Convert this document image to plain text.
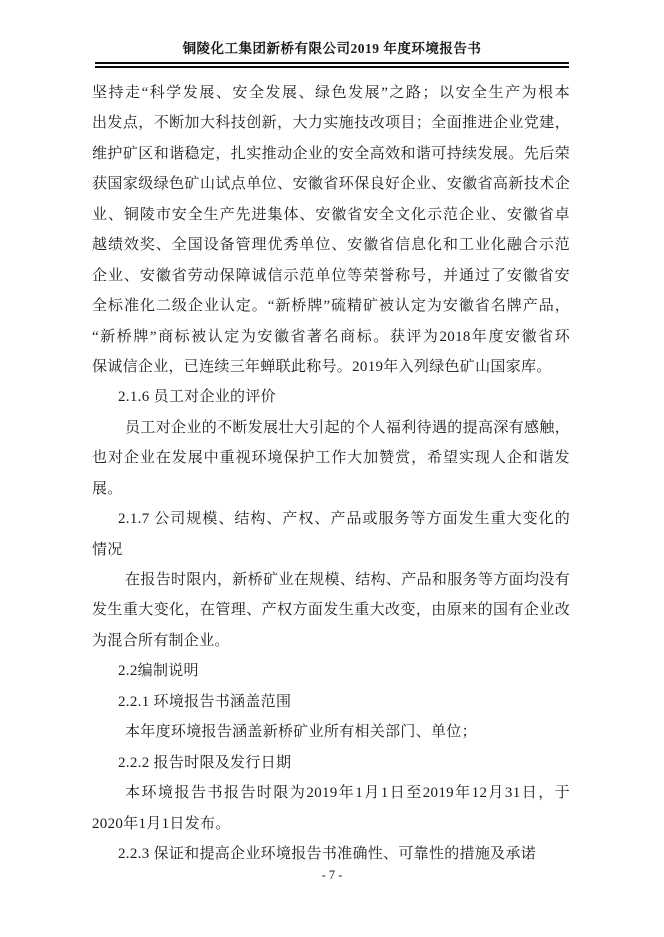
铜陵化工集团新桥有限公司2019 年度环境报告书
坚持走“科学发展、安全发展、绿色发展”之路；以安全生产为根本
出发点，不断加大科技创新，大力实施技改项目；全面推进企业党建，
维护矿区和谐稳定，扎实推动企业的安全高效和谐可持续发展。先后荣
获国家级绿色矿山试点单位、安徽省环保良好企业、安徽省高新技术企
业、铜陵市安全生产先进集体、安徽省安全文化示范企业、安徽省卓
越绩效奖、全国设备管理优秀单位、安徽省信息化和工业化融合示范
企业、安徽省劳动保障诚信示范单位等荣誉称号，并通过了安徽省安
全标准化二级企业认定。“新桥牌”硫精矿被认定为安徽省名牌产品，
“新桥牌”商标被认定为安徽省著名商标。获评为2018年度安徽省环
保诚信企业，已连续三年蝉联此称号。2019年入列绿色矿山国家库。
2.1.6 员工对企业的评价
员工对企业的不断发展壮大引起的个人福利待遇的提高深有感触，
也对企业在发展中重视环境保护工作大加赞赏，希望实现人企和谐发
展。
2.1.7 公司规模、结构、产权、产品或服务等方面发生重大变化的
情况
在报告时限内，新桥矿业在规模、结构、产品和服务等方面均没有
发生重大变化，在管理、产权方面发生重大改变，由原来的国有企业改
为混合所有制企业。
2.2编制说明
2.2.1 环境报告书涵盖范围
本年度环境报告涵盖新桥矿业所有相关部门、单位；
2.2.2 报告时限及发行日期
本环境报告书报告时限为2019年1月1日至2019年12月31日，于
2020年1月1日发布。
2.2.3 保证和提高企业环境报告书准确性、可靠性的措施及承诺
- 7 -
